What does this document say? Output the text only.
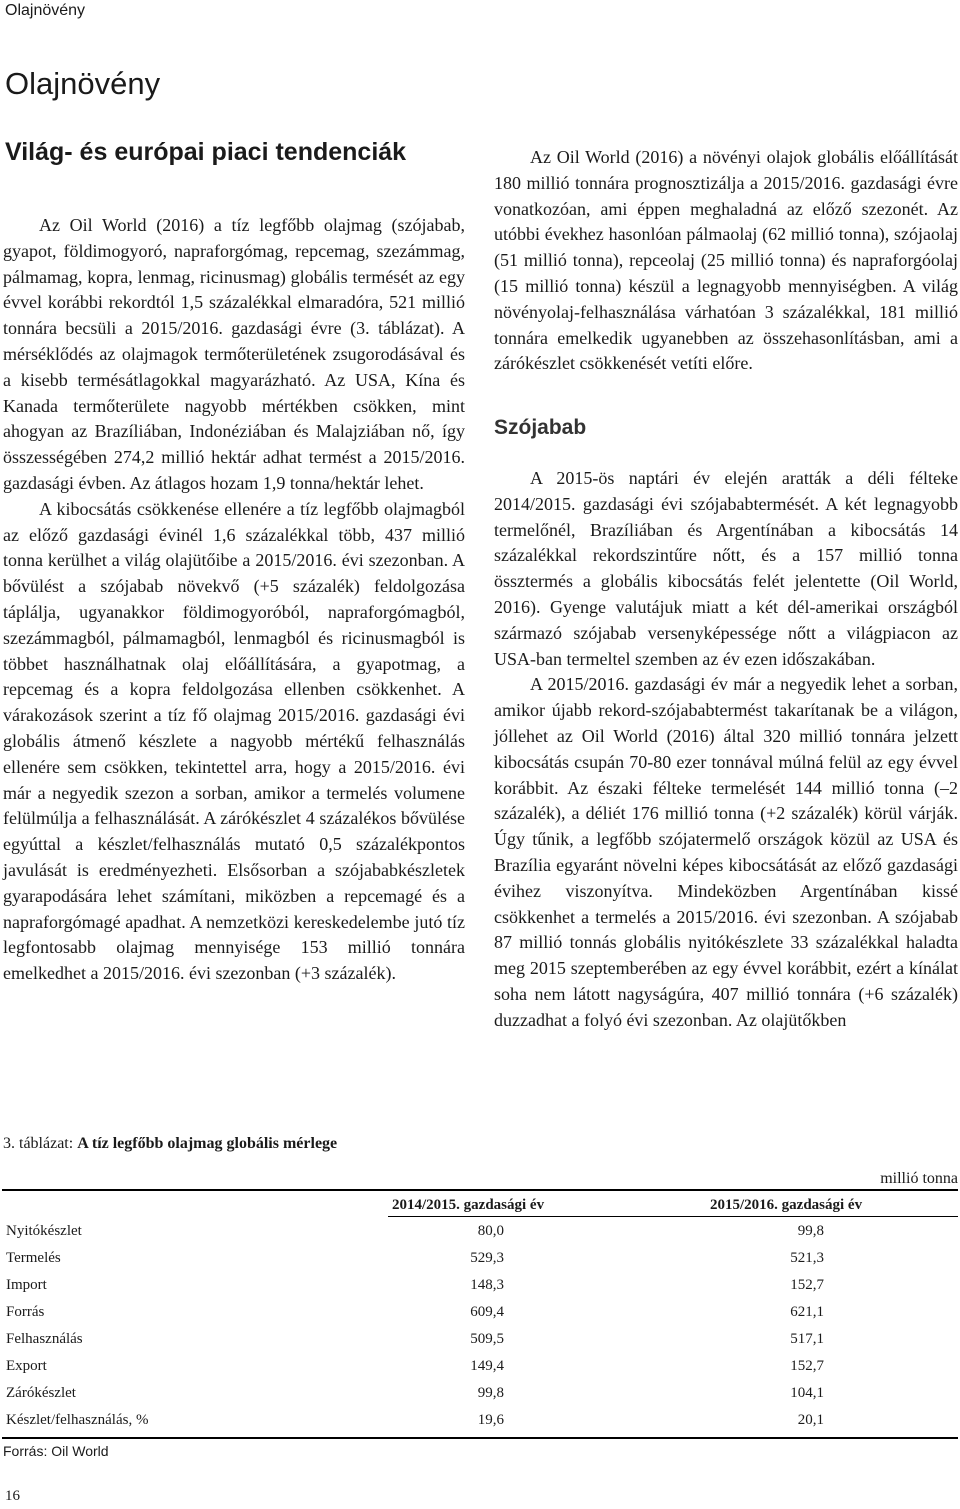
Olajnövény
Olajnövény
Világ- és európai piaci tendenciák

Az Oil World (2016) a tíz legfőbb olajmag (szójabab, gyapot, földimogyoró, napraforgómag, repcemag, szezámmag, pálmamag, kopra, lenmag, ricinusmag) globális termését az egy évvel korábbi rekordtól 1,5 százalékkal elmaradóra, 521 millió tonnára becsüli a 2015/2016. gazdasági évre (3. táblázat). A mérséklődés az olajmagok termőterületének zsugorodásával és a kisebb termésátlagokkal magyarázható. Az USA, Kína és Kanada termőterülete nagyobb mértékben csökken, mint ahogyan az Brazíliában, Indonéziában és Malajziában nő, így összességében 274,2 millió hektár adhat termést a 2015/2016. gazdasági évben. Az átlagos hozam 1,9 tonna/hektár lehet.

A kibocsátás csökkenése ellenére a tíz legfőbb olajmagból az előző gazdasági évinél 1,6 százalékkal több, 437 millió tonna kerülhet a világ olajütőibe a 2015/2016. évi szezonban. A bővülést a szójabab növekvő (+5 százalék) feldolgozása táplálja, ugyanakkor földimogyoróból, napraforgómagból, szezámmagból, pálmamagból, lenmagból és ricinusmagból is többet használhatnak olaj előállítására, a gyapotmag, a repcemag és a kopra feldolgozása ellenben csökkenhet. A várakozások szerint a tíz fő olajmag 2015/2016. gazdasági évi globális átmenő készlete a nagyobb mértékű felhasználás ellenére sem csökken, tekintettel arra, hogy a 2015/2016. évi már a negyedik szezon a sorban, amikor a termelés volumene felülmúlja a felhasználását. A zárókészlet 4 százalékos bővülése egyúttal a készlet/felhasználás mutató 0,5 százalékpontos javulását is eredményezheti. Elsősorban a szójababkészletek gyarapodására lehet számítani, miközben a repcemagé és a napraforgómagé apadhat. A nemzetközi kereskedelembe jutó tíz legfontosabb olajmag mennyisége 153 millió tonnára emelkedhet a 2015/2016. évi szezonban (+3 százalék).

Az Oil World (2016) a növényi olajok globális előállítását 180 millió tonnára prognosztizálja a 2015/2016. gazdasági évre vonatkozóan, ami éppen meghaladná az előző szezonét. Az utóbbi évekhez hasonlóan pálmaolaj (62 millió tonna), szójaolaj (51 millió tonna), repceolaj (25 millió tonna) és napraforgóolaj (15 millió tonna) készül a legnagyobb mennyiségben. A világ növényolaj-felhasználása várhatóan 3 százalékkal, 181 millió tonnára emelkedik ugyanebben az összehasonlításban, ami a zárókészlet csökkenését vetíti előre.

Szójabab

A 2015-ös naptári év elején aratták a déli félteke 2014/2015. gazdasági évi szójababtermését. A két legnagyobb termelőnél, Brazíliában és Argentínában a kibocsátás 14 százalékkal rekordszintűre nőtt, és a 157 millió tonna össztermés a globális kibocsátás felét jelentette (Oil World, 2016). Gyenge valutájuk miatt a két dél-amerikai országból származó szójabab versenyképessége nőtt a világpiacon az USA-ban termeltel szemben az év ezen időszakában.

A 2015/2016. gazdasági év már a negyedik lehet a sorban, amikor újabb rekord-szójababtermést takarítanak be a világon, jóllehet az Oil World (2016) által 320 millió tonnára jelzett kibocsátás csupán 70-80 ezer tonnával múlná felül az egy évvel korábbit. Az északi félteke termelését 144 millió tonna (–2 százalék), a déliét 176 millió tonna (+2 százalék) körül várják. Úgy tűnik, a legfőbb szójatermelő országok közül az USA és Brazília egyaránt növelni képes kibocsátását az előző gazdasági évihez viszonyítva. Mindeközben Argentínában kissé csökkenhet a termelés a 2015/2016. évi szezonban. A szójabab 87 millió tonnás globális nyitókészlete 33 százalékkal haladta meg 2015 szeptemberében az egy évvel korábbit, ezért a kínálat soha nem látott nagyságúra, 407 millió tonnára (+6 százalék) duzzadhat a folyó évi szezonban. Az olajütőkben

3. táblázat: A tíz legfőbb olajmag globális mérlege
millió tonna
2014/2015. gazdasági év	2015/2016. gazdasági év
Nyitókészlet	80,0	99,8
Termelés	529,3	521,3
Import	148,3	152,7
Forrás	609,4	621,1
Felhasználás	509,5	517,1
Export	149,4	152,7
Zárókészlet	99,8	104,1
Készlet/felhasználás, %	19,6	20,1
Forrás: Oil World
16
